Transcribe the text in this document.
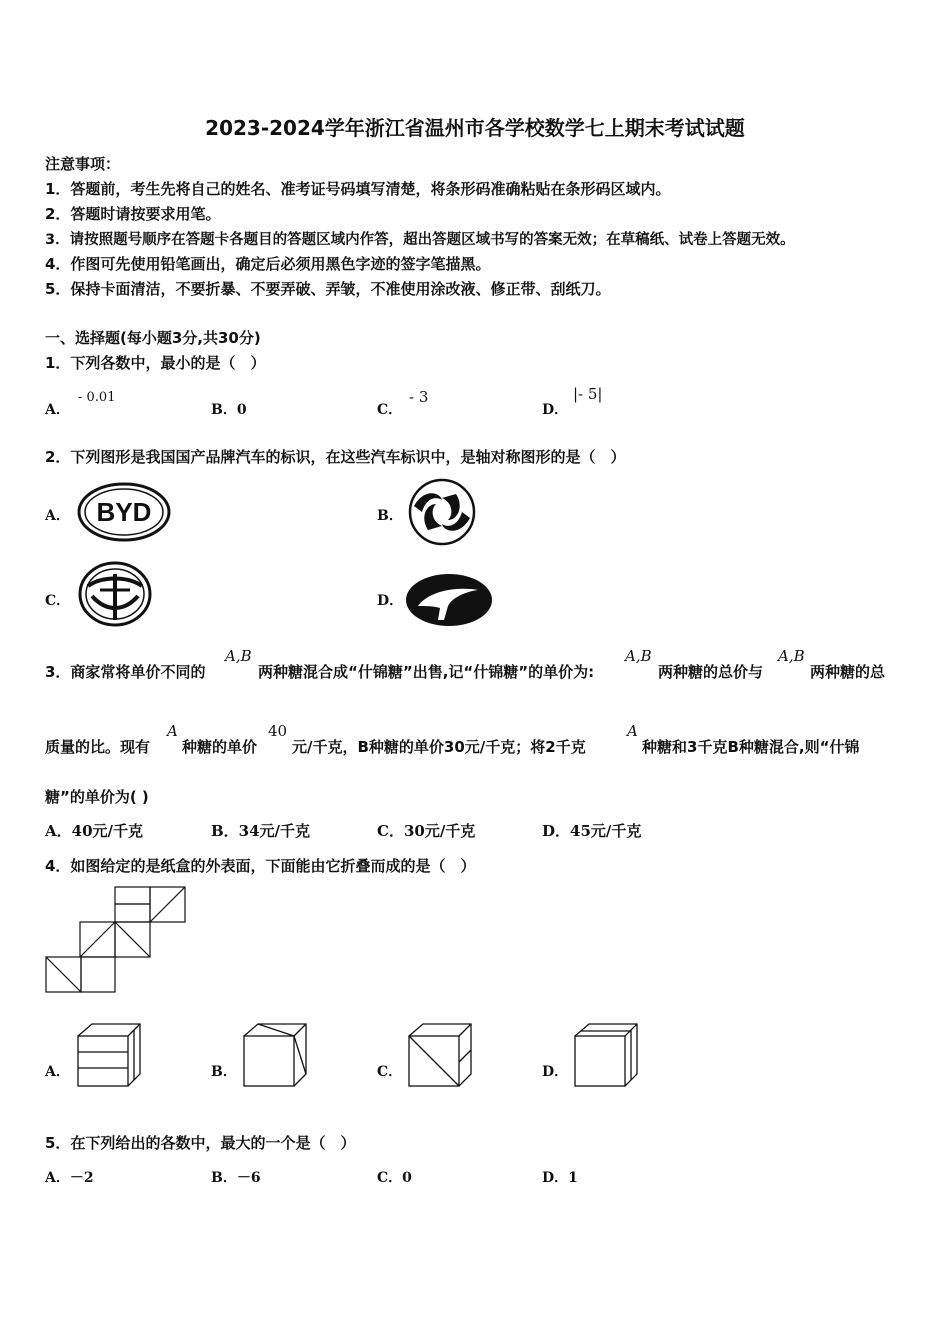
2023-2024学年浙江省温州市各学校数学七上期末考试试题
注意事项：
1．答题前，考生先将自己的姓名、准考证号码填写清楚，将条形码准确粘贴在条形码区域内。
2．答题时请按要求用笔。
3．请按照题号顺序在答题卡各题目的答题区域内作答，超出答题区域书写的答案无效；在草稿纸、试卷上答题无效。
4．作图可先使用铅笔画出，确定后必须用黑色字迹的签字笔描黑。
5．保持卡面清洁，不要折暴、不要弄破、弄皱，不准使用涂改液、修正带、刮纸刀。
一、选择题(每小题3分,共30分)
1．下列各数中，最小的是（　）
A．
- 0.01
B．0	C．
- 3
D．
|- 5|
2．下列图形是我国国产品牌汽车的标识，在这些汽车标识中，是轴对称图形的是（　）
A． BYD	B．
C．	D．
3．商家常将单价不同的
A,B
两种糖混合成“什锦糖”出售,记“什锦糖”的单价为:
A,B
两种糖的总价与
A,B
两种糖的总
质量的比。现有
A
种糖的单价
40
元/千克，B种糖的单价30元/千克；将2千克
A
种糖和3千克B种糖混合,则“什锦
糖”的单价为( )
A．40元/千克	B．34元/千克	C．30元/千克	D．45元/千克
4．如图给定的是纸盒的外表面，下面能由它折叠而成的是（　）
A．	B．	C．	D．
5．在下列给出的各数中，最大的一个是（　）
A．－2	B．－6	C．0	D．1
